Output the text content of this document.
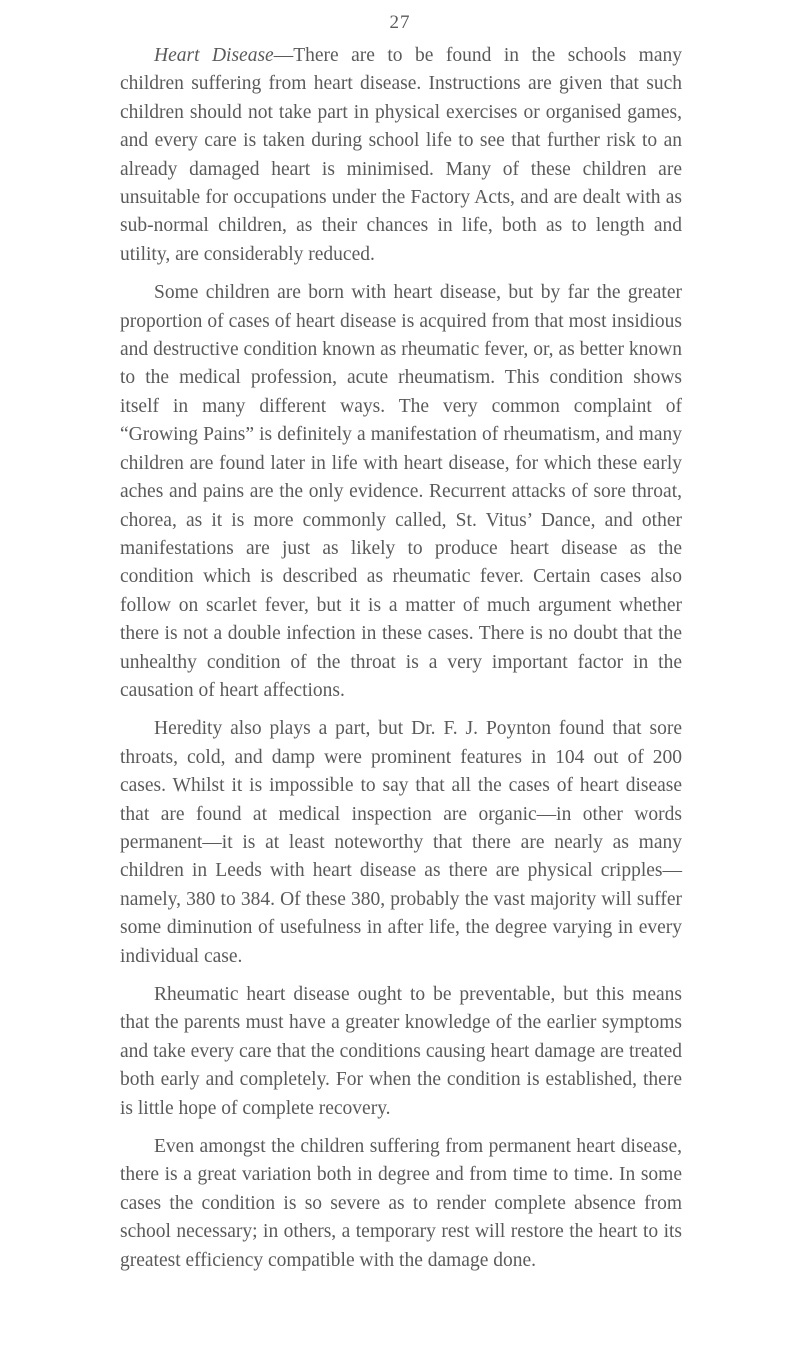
27

Heart Disease—There are to be found in the schools many children suffering from heart disease. Instructions are given that such children should not take part in physical exercises or organised games, and every care is taken during school life to see that further risk to an already damaged heart is minimised. Many of these children are unsuitable for occupations under the Factory Acts, and are dealt with as sub-normal children, as their chances in life, both as to length and utility, are considerably reduced.

Some children are born with heart disease, but by far the greater proportion of cases of heart disease is acquired from that most insidious and destructive condition known as rheumatic fever, or, as better known to the medical profession, acute rheumatism. This condition shows itself in many different ways. The very common complaint of “Growing Pains” is definitely a manifestation of rheumatism, and many children are found later in life with heart disease, for which these early aches and pains are the only evidence. Recurrent attacks of sore throat, chorea, as it is more commonly called, St. Vitus’ Dance, and other manifestations are just as likely to produce heart disease as the condition which is described as rheumatic fever. Certain cases also follow on scarlet fever, but it is a matter of much argument whether there is not a double infection in these cases. There is no doubt that the unhealthy condition of the throat is a very important factor in the causation of heart affections.

Heredity also plays a part, but Dr. F. J. Poynton found that sore throats, cold, and damp were prominent features in 104 out of 200 cases. Whilst it is impossible to say that all the cases of heart disease that are found at medical inspection are organic—in other words permanent—it is at least noteworthy that there are nearly as many children in Leeds with heart disease as there are physical cripples—namely, 380 to 384. Of these 380, probably the vast majority will suffer some diminution of usefulness in after life, the degree varying in every individual case.

Rheumatic heart disease ought to be preventable, but this means that the parents must have a greater knowledge of the earlier symptoms and take every care that the conditions causing heart damage are treated both early and completely. For when the condition is established, there is little hope of complete recovery.

Even amongst the children suffering from permanent heart disease, there is a great variation both in degree and from time to time. In some cases the condition is so severe as to render complete absence from school necessary; in others, a temporary rest will restore the heart to its greatest efficiency compatible with the damage done.
